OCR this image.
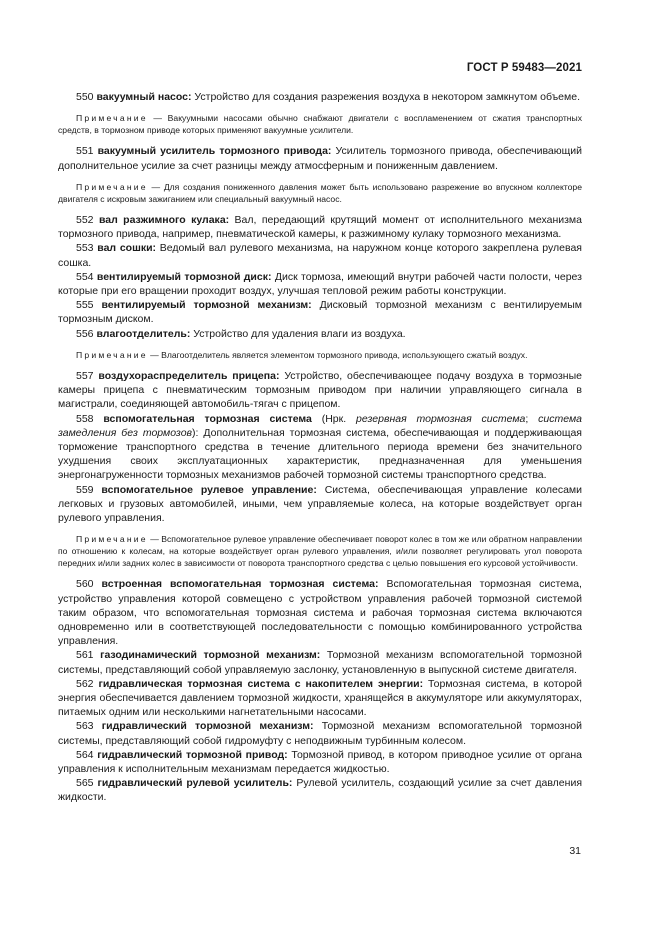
ГОСТ Р 59483—2021

550 вакуумный насос: Устройство для создания разрежения воздуха в некотором замкнутом объеме.

Примечание — Вакуумными насосами обычно снабжают двигатели с воспламенением от сжатия транспортных средств, в тормозном приводе которых применяют вакуумные усилители.

551 вакуумный усилитель тормозного привода: Усилитель тормозного привода, обеспечивающий дополнительное усилие за счет разницы между атмосферным и пониженным давлением.

Примечание — Для создания пониженного давления может быть использовано разрежение во впускном коллекторе двигателя с искровым зажиганием или специальный вакуумный насос.

552 вал разжимного кулака: Вал, передающий крутящий момент от исполнительного механизма тормозного привода, например, пневматической камеры, к разжимному кулаку тормозного механизма.

553 вал сошки: Ведомый вал рулевого механизма, на наружном конце которого закреплена рулевая сошка.

554 вентилируемый тормозной диск: Диск тормоза, имеющий внутри рабочей части полости, через которые при его вращении проходит воздух, улучшая тепловой режим работы конструкции.

555 вентилируемый тормозной механизм: Дисковый тормозной механизм с вентилируемым тормозным диском.

556 влагоотделитель: Устройство для удаления влаги из воздуха.

Примечание — Влагоотделитель является элементом тормозного привода, использующего сжатый воздух.

557 воздухораспределитель прицепа: Устройство, обеспечивающее подачу воздуха в тормозные камеры прицепа с пневматическим тормозным приводом при наличии управляющего сигнала в магистрали, соединяющей автомобиль-тягач с прицепом.

558 вспомогательная тормозная система (Нрк. резервная тормозная система; система замедления без тормозов): Дополнительная тормозная система, обеспечивающая и поддерживающая торможение транспортного средства в течение длительного периода времени без значительного ухудшения своих эксплуатационных характеристик, предназначенная для уменьшения энергонагруженности тормозных механизмов рабочей тормозной системы транспортного средства.

559 вспомогательное рулевое управление: Система, обеспечивающая управление колесами легковых и грузовых автомобилей, иными, чем управляемые колеса, на которые воздействует орган рулевого управления.

Примечание — Вспомогательное рулевое управление обеспечивает поворот колес в том же или обратном направлении по отношению к колесам, на которые воздействует орган рулевого управления, и/или позволяет регулировать угол поворота передних и/или задних колес в зависимости от поворота транспортного средства с целью повышения его курсовой устойчивости.

560 встроенная вспомогательная тормозная система: Вспомогательная тормозная система, устройство управления которой совмещено с устройством управления рабочей тормозной системой таким образом, что вспомогательная тормозная система и рабочая тормозная система включаются одновременно или в соответствующей последовательности с помощью комбинированного устройства управления.

561 газодинамический тормозной механизм: Тормозной механизм вспомогательной тормозной системы, представляющий собой управляемую заслонку, установленную в выпускной системе двигателя.

562 гидравлическая тормозная система с накопителем энергии: Тормозная система, в которой энергия обеспечивается давлением тормозной жидкости, хранящейся в аккумуляторе или аккумуляторах, питаемых одним или несколькими нагнетательными насосами.

563 гидравлический тормозной механизм: Тормозной механизм вспомогательной тормозной системы, представляющий собой гидромуфту с неподвижным турбинным колесом.

564 гидравлический тормозной привод: Тормозной привод, в котором приводное усилие от органа управления к исполнительным механизмам передается жидкостью.

565 гидравлический рулевой усилитель: Рулевой усилитель, создающий усилие за счет давления жидкости.

31
